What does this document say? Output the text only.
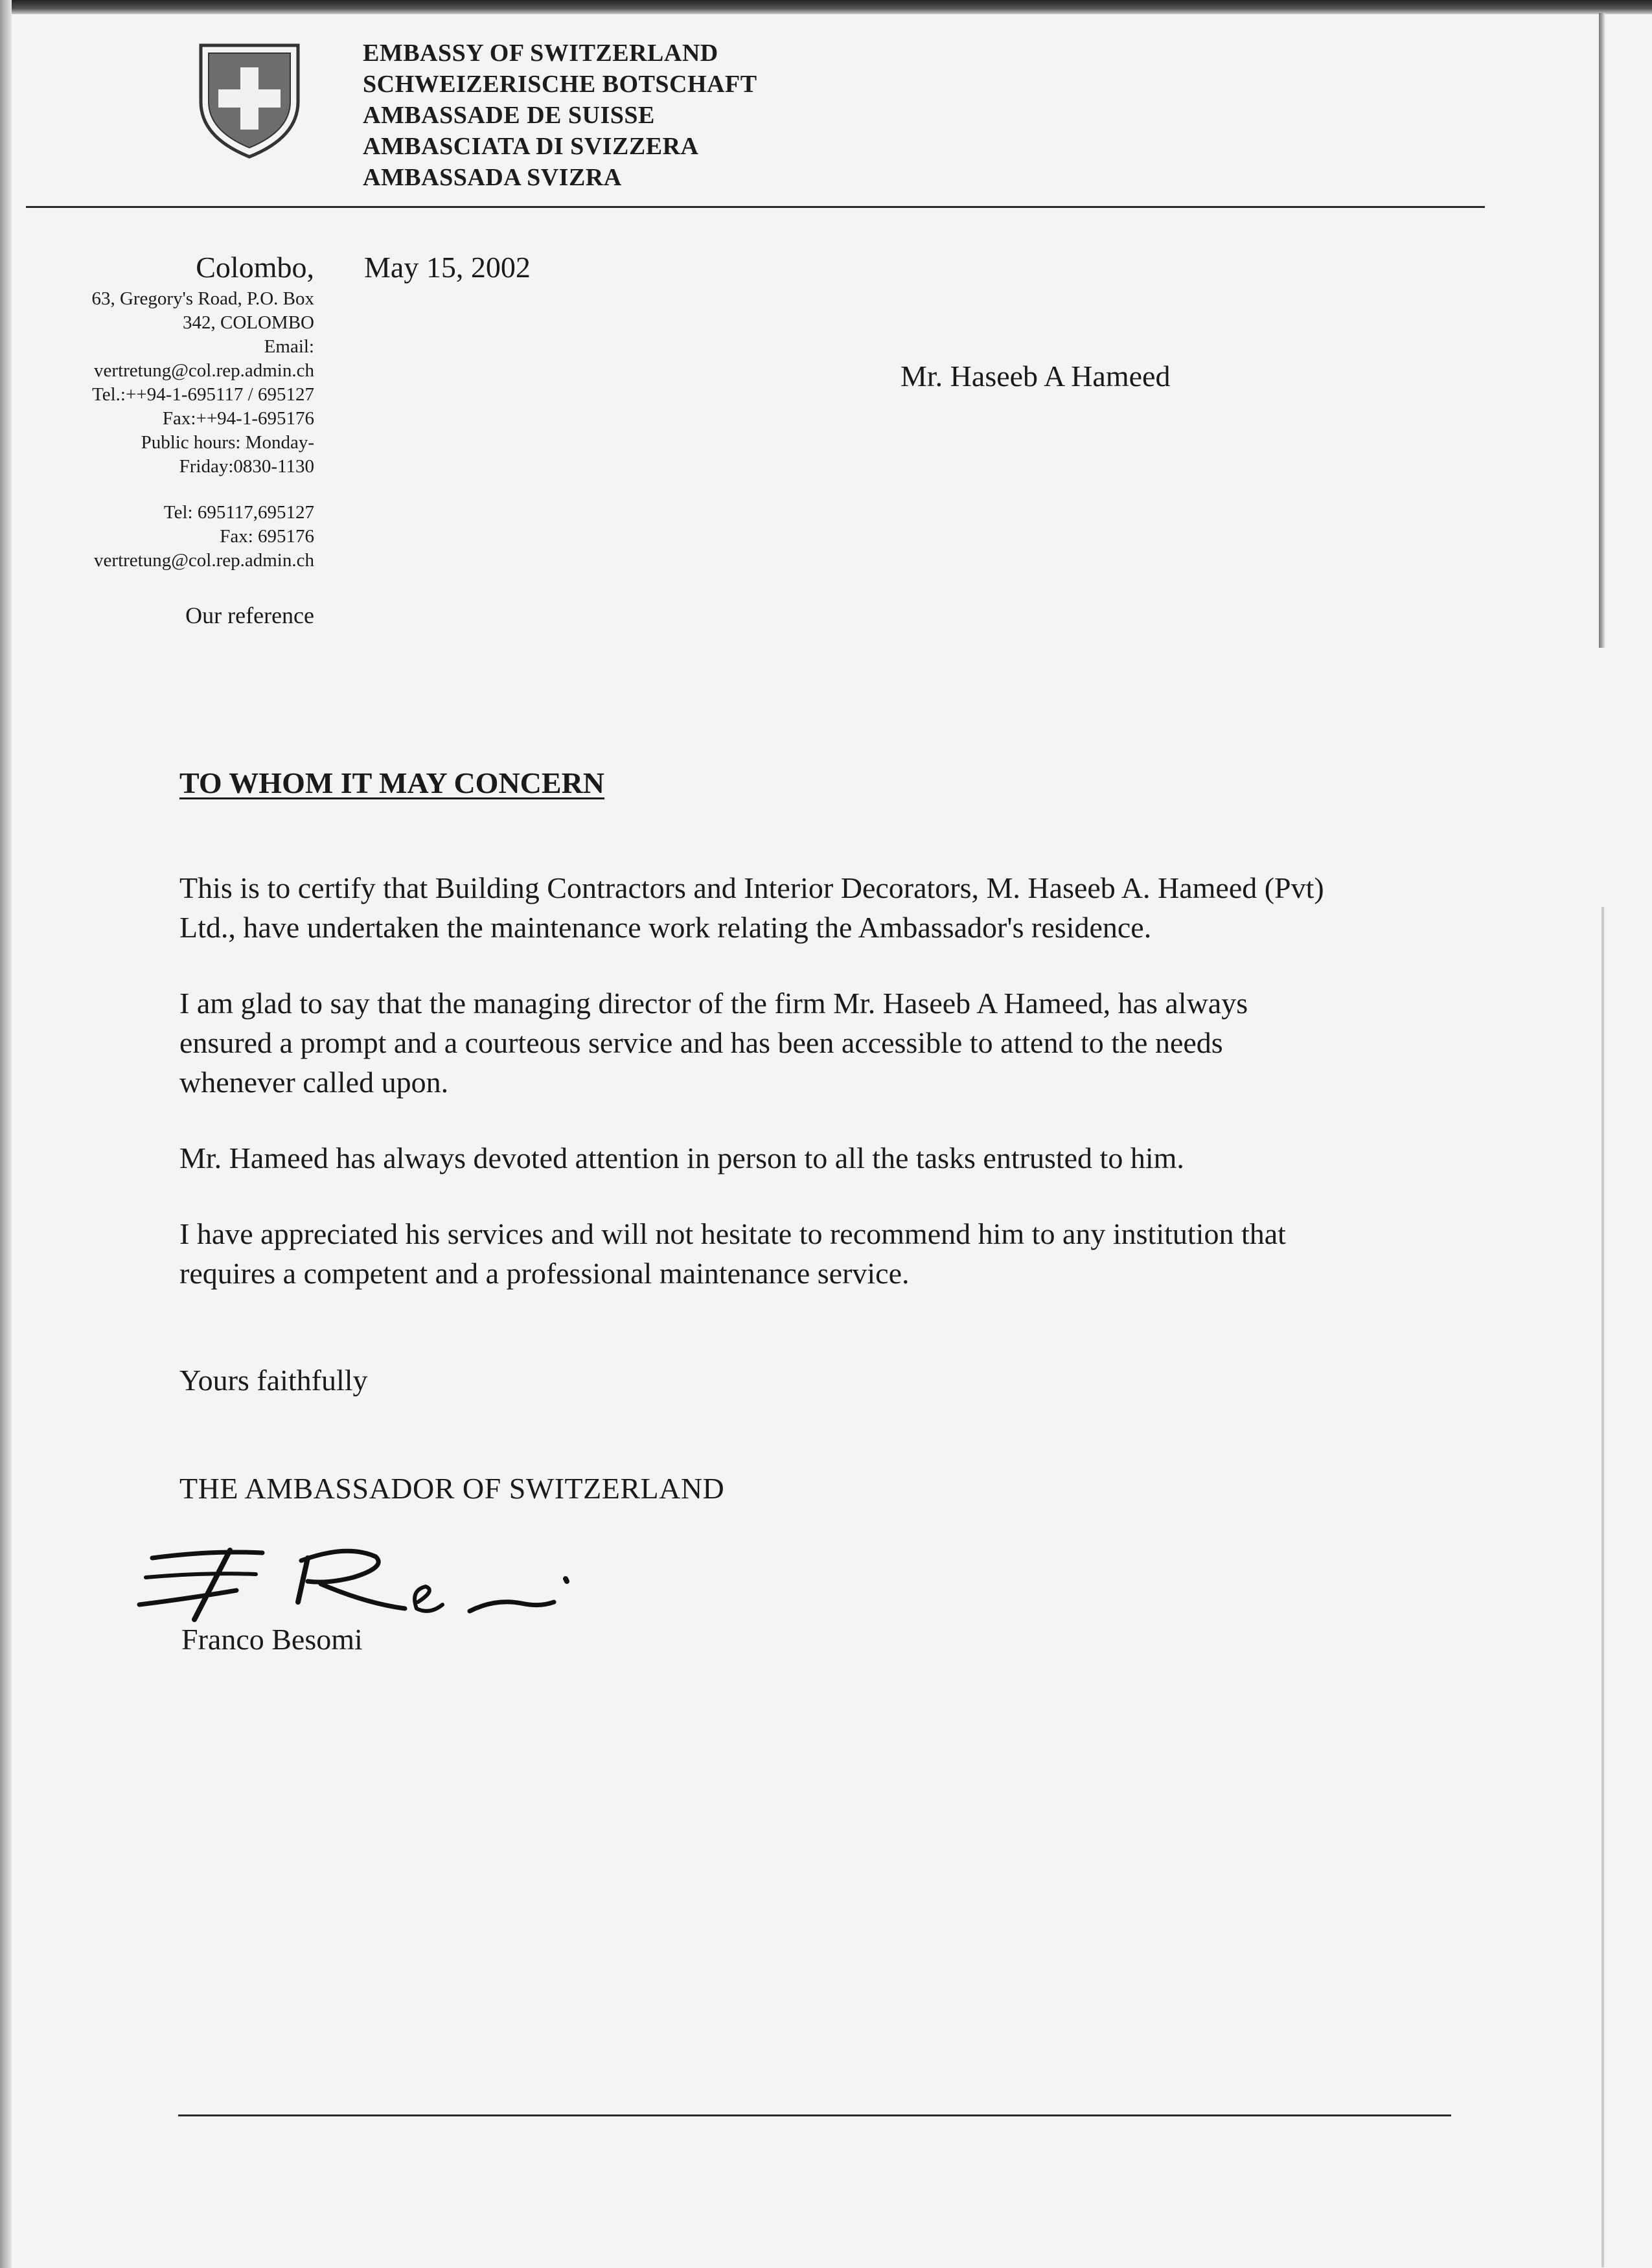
EMBASSY OF SWITZERLAND
SCHWEIZERISCHE BOTSCHAFT
AMBASSADE DE SUISSE
AMBASCIATA DI SVIZZERA
AMBASSADA SVIZRA
Colombo,
63, Gregory's Road, P.O. Box
342, COLOMBO
Email:
vertretung@col.rep.admin.ch
Tel.:++94-1-695117 / 695127
Fax:++94-1-695176
Public hours: Monday-
Friday:0830-1130
Tel: 695117,695127
Fax: 695176
vertretung@col.rep.admin.ch
Our reference
May 15, 2002
Mr. Haseeb A Hameed
TO WHOM IT MAY CONCERN
This is to certify that Building Contractors and Interior Decorators, M. Haseeb A. Hameed (Pvt)
Ltd., have undertaken the maintenance work relating the Ambassador's residence.
I am glad to say that the managing director of the firm Mr. Haseeb A Hameed, has always
ensured a prompt and a courteous service and has been accessible to attend to the needs
whenever called upon.
Mr. Hameed has always devoted attention in person to all the tasks entrusted to him.
I have appreciated his services and will not hesitate to recommend him to any institution that
requires a competent and a professional maintenance service.
Yours faithfully
THE AMBASSADOR OF SWITZERLAND
Franco Besomi
